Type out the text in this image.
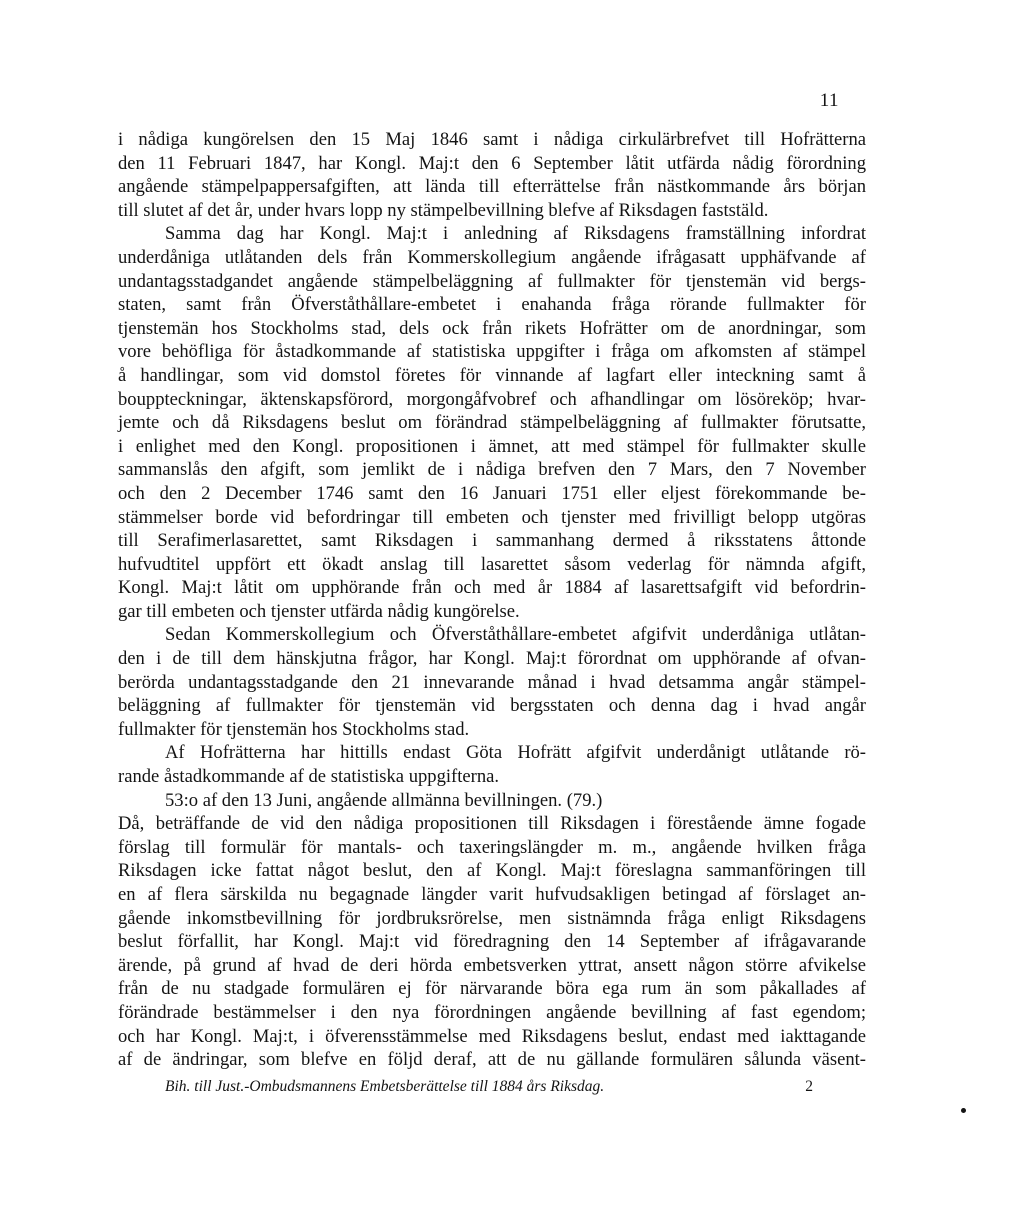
11
i nådiga kungörelsen den 15 Maj 1846 samt i nådiga cirkulärbrefvet till Hofrätterna
den 11 Februari 1847, har Kongl. Maj:t den 6 September låtit utfärda nådig förordning
angående stämpelpappersafgiften, att lända till efterrättelse från nästkommande års början
till slutet af det år, under hvars lopp ny stämpelbevillning blefve af Riksdagen faststäld.
Samma dag har Kongl. Maj:t i anledning af Riksdagens framställning infordrat
underdåniga utlåtanden dels från Kommerskollegium angående ifrågasatt upphäfvande af
undantagsstadgandet angående stämpelbeläggning af fullmakter för tjenstemän vid bergs-
staten, samt från Öfverståthållare-embetet i enahanda fråga rörande fullmakter för
tjenstemän hos Stockholms stad, dels ock från rikets Hofrätter om de anordningar, som
vore behöfliga för åstadkommande af statistiska uppgifter i fråga om afkomsten af stämpel
å handlingar, som vid domstol företes för vinnande af lagfart eller inteckning samt å
bouppteckningar, äktenskapsförord, morgongåfvobref och afhandlingar om lösöreköp; hvar-
jemte och då Riksdagens beslut om förändrad stämpelbeläggning af fullmakter förutsatte,
i enlighet med den Kongl. propositionen i ämnet, att med stämpel för fullmakter skulle
sammanslås den afgift, som jemlikt de i nådiga brefven den 7 Mars, den 7 November
och den 2 December 1746 samt den 16 Januari 1751 eller eljest förekommande be-
stämmelser borde vid befordringar till embeten och tjenster med frivilligt belopp utgöras
till Serafimerlasarettet, samt Riksdagen i sammanhang dermed å riksstatens åttonde
hufvudtitel uppfört ett ökadt anslag till lasarettet såsom vederlag för nämnda afgift,
Kongl. Maj:t låtit om upphörande från och med år 1884 af lasarettsafgift vid befordrin-
gar till embeten och tjenster utfärda nådig kungörelse.
Sedan Kommerskollegium och Öfverståthållare-embetet afgifvit underdåniga utlåtan-
den i de till dem hänskjutna frågor, har Kongl. Maj:t förordnat om upphörande af ofvan-
berörda undantagsstadgande den 21 innevarande månad i hvad detsamma angår stämpel-
beläggning af fullmakter för tjenstemän vid bergsstaten och denna dag i hvad angår
fullmakter för tjenstemän hos Stockholms stad.
Af Hofrätterna har hittills endast Göta Hofrätt afgifvit underdånigt utlåtande rö-
rande åstadkommande af de statistiska uppgifterna.
53:o af den 13 Juni, angående allmänna bevillningen. (79.)
Då, beträffande de vid den nådiga propositionen till Riksdagen i förestående ämne fogade
förslag till formulär för mantals- och taxeringslängder m. m., angående hvilken fråga
Riksdagen icke fattat något beslut, den af Kongl. Maj:t föreslagna sammanföringen till
en af flera särskilda nu begagnade längder varit hufvudsakligen betingad af förslaget an-
gående inkomstbevillning för jordbruksrörelse, men sistnämnda fråga enligt Riksdagens
beslut förfallit, har Kongl. Maj:t vid föredragning den 14 September af ifrågavarande
ärende, på grund af hvad de deri hörda embetsverken yttrat, ansett någon större afvikelse
från de nu stadgade formulären ej för närvarande böra ega rum än som påkallades af
förändrade bestämmelser i den nya förordningen angående bevillning af fast egendom;
och har Kongl. Maj:t, i öfverensstämmelse med Riksdagens beslut, endast med iakttagande
af de ändringar, som blefve en följd deraf, att de nu gällande formulären sålunda väsent-
Bih. till Just.-Ombudsmannens Embetsberättelse till 1884 års Riksdag.	2
